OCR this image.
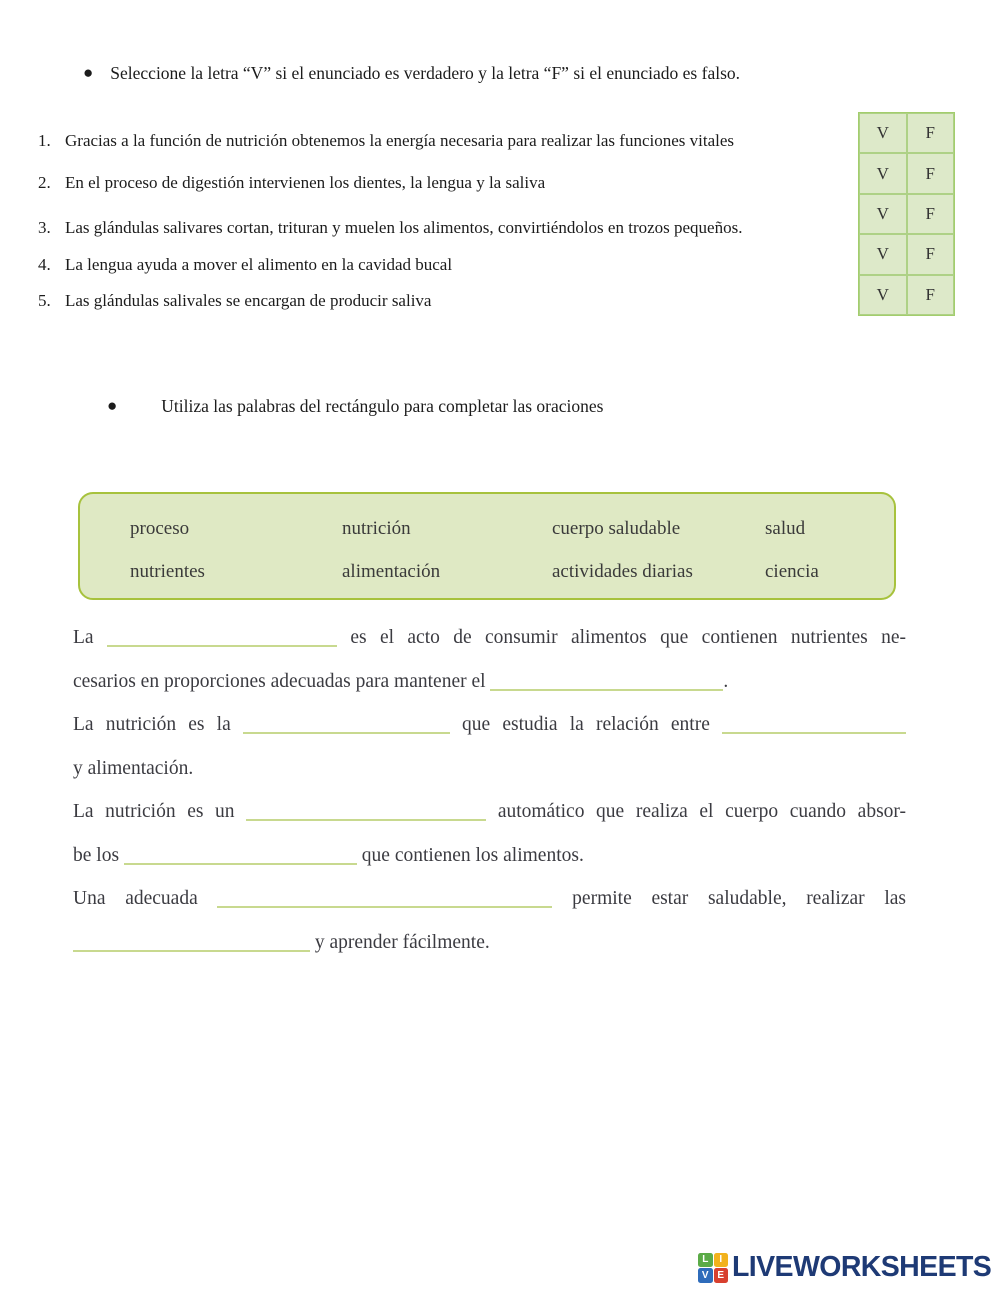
● Seleccione la letra “V” si el enunciado es verdadero y la letra “F” si el enunciado es falso.
1. Gracias a la función de nutrición obtenemos la energía necesaria para realizar las funciones vitales
2. En el proceso de digestión intervienen los dientes, la lengua y la saliva
3. Las glándulas salivares cortan, trituran y muelen los alimentos, convirtiéndolos en trozos pequeños.
4. La lengua ayuda a mover el alimento en la cavidad bucal
5. Las glándulas salivales se encargan de producir saliva
V	F
V	F
V	F
V	F
V	F
●	Utiliza las palabras del rectángulo para completar las oraciones
proceso	nutrición	cuerpo saludable	salud
nutrientes	alimentación	actividades diarias	ciencia
La	es el acto de consumir alimentos que contienen nutrientes ne-
cesarios en proporciones adecuadas para mantener el	.
La nutrición es la	que estudia la relación entre
y alimentación.
La nutrición es un	automático que realiza el cuerpo cuando absor-
be los	que contienen los alimentos.
Una adecuada	permite estar saludable, realizar las
y aprender fácilmente.
L	I
V E LIVEWORKSHEETS
